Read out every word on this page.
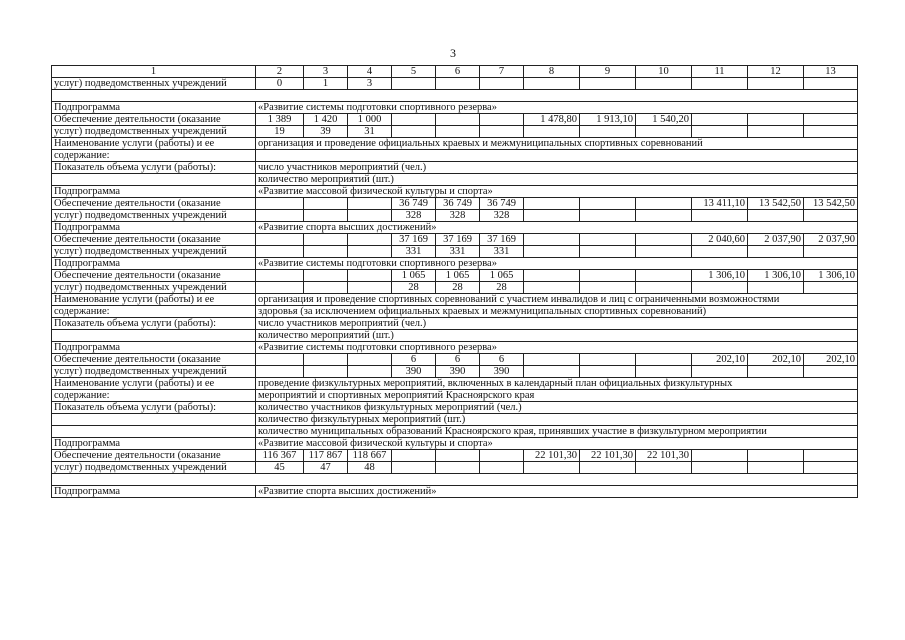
3
1	2	3	4	5	6	7	8	9	10	11	12	13
услуг) подведомственных учреждений	0	1	3									

Подпрограмма	«Развитие системы подготовки спортивного резерва»											
Обеспечение деятельности (оказание	1 389	1 420	1 000				1 478,80	1 913,10	1 540,20			
услуг) подведомственных учреждений	19	39	31									
Наименование услуги (работы) и ее	организация и проведение официальных краевых и межмуниципальных спортивных соревнований											
содержание:												
Показатель объема услуги (работы):	число участников мероприятий (чел.)											
	количество мероприятий (шт.)											
Подпрограмма	«Развитие массовой физической культуры и спорта»											
Обеспечение деятельности (оказание				36 749	36 749	36 749				13 411,10	13 542,50	13 542,50
услуг) подведомственных учреждений				328	328	328						
Подпрограмма	«Развитие спорта высших достижений»											
Обеспечение деятельности (оказание				37 169	37 169	37 169				2 040,60	2 037,90	2 037,90
услуг) подведомственных учреждений				331	331	331						
Подпрограмма	«Развитие системы подготовки спортивного резерва»											
Обеспечение деятельности (оказание				1 065	1 065	1 065				1 306,10	1 306,10	1 306,10
услуг) подведомственных учреждений				28	28	28						
Наименование услуги (работы) и ее	организация и проведение спортивных соревнований с участием инвалидов и лиц с ограниченными возможностями											
содержание:	здоровья (за исключением официальных краевых и межмуниципальных спортивных соревнований)											
Показатель объема услуги (работы):	число участников мероприятий (чел.)											
	количество мероприятий (шт.)											
Подпрограмма	«Развитие системы подготовки спортивного резерва»											
Обеспечение деятельности (оказание				6	6	6				202,10	202,10	202,10
услуг) подведомственных учреждений				390	390	390						
Наименование услуги (работы) и ее	проведение физкультурных мероприятий, включенных в календарный план официальных физкультурных											
содержание:	мероприятий и спортивных мероприятий Красноярского края											
Показатель объема услуги (работы):	количество участников физкультурных мероприятий (чел.)											
	количество физкультурных мероприятий (шт.)											
	количество муниципальных образований Красноярского края, принявших участие в физкультурном мероприятии											
Подпрограмма	«Развитие массовой физической культуры и спорта»											
Обеспечение деятельности (оказание	116 367	117 867	118 667				22 101,30	22 101,30	22 101,30			
услуг) подведомственных учреждений	45	47	48									

Подпрограмма	«Развитие спорта высших достижений»											
